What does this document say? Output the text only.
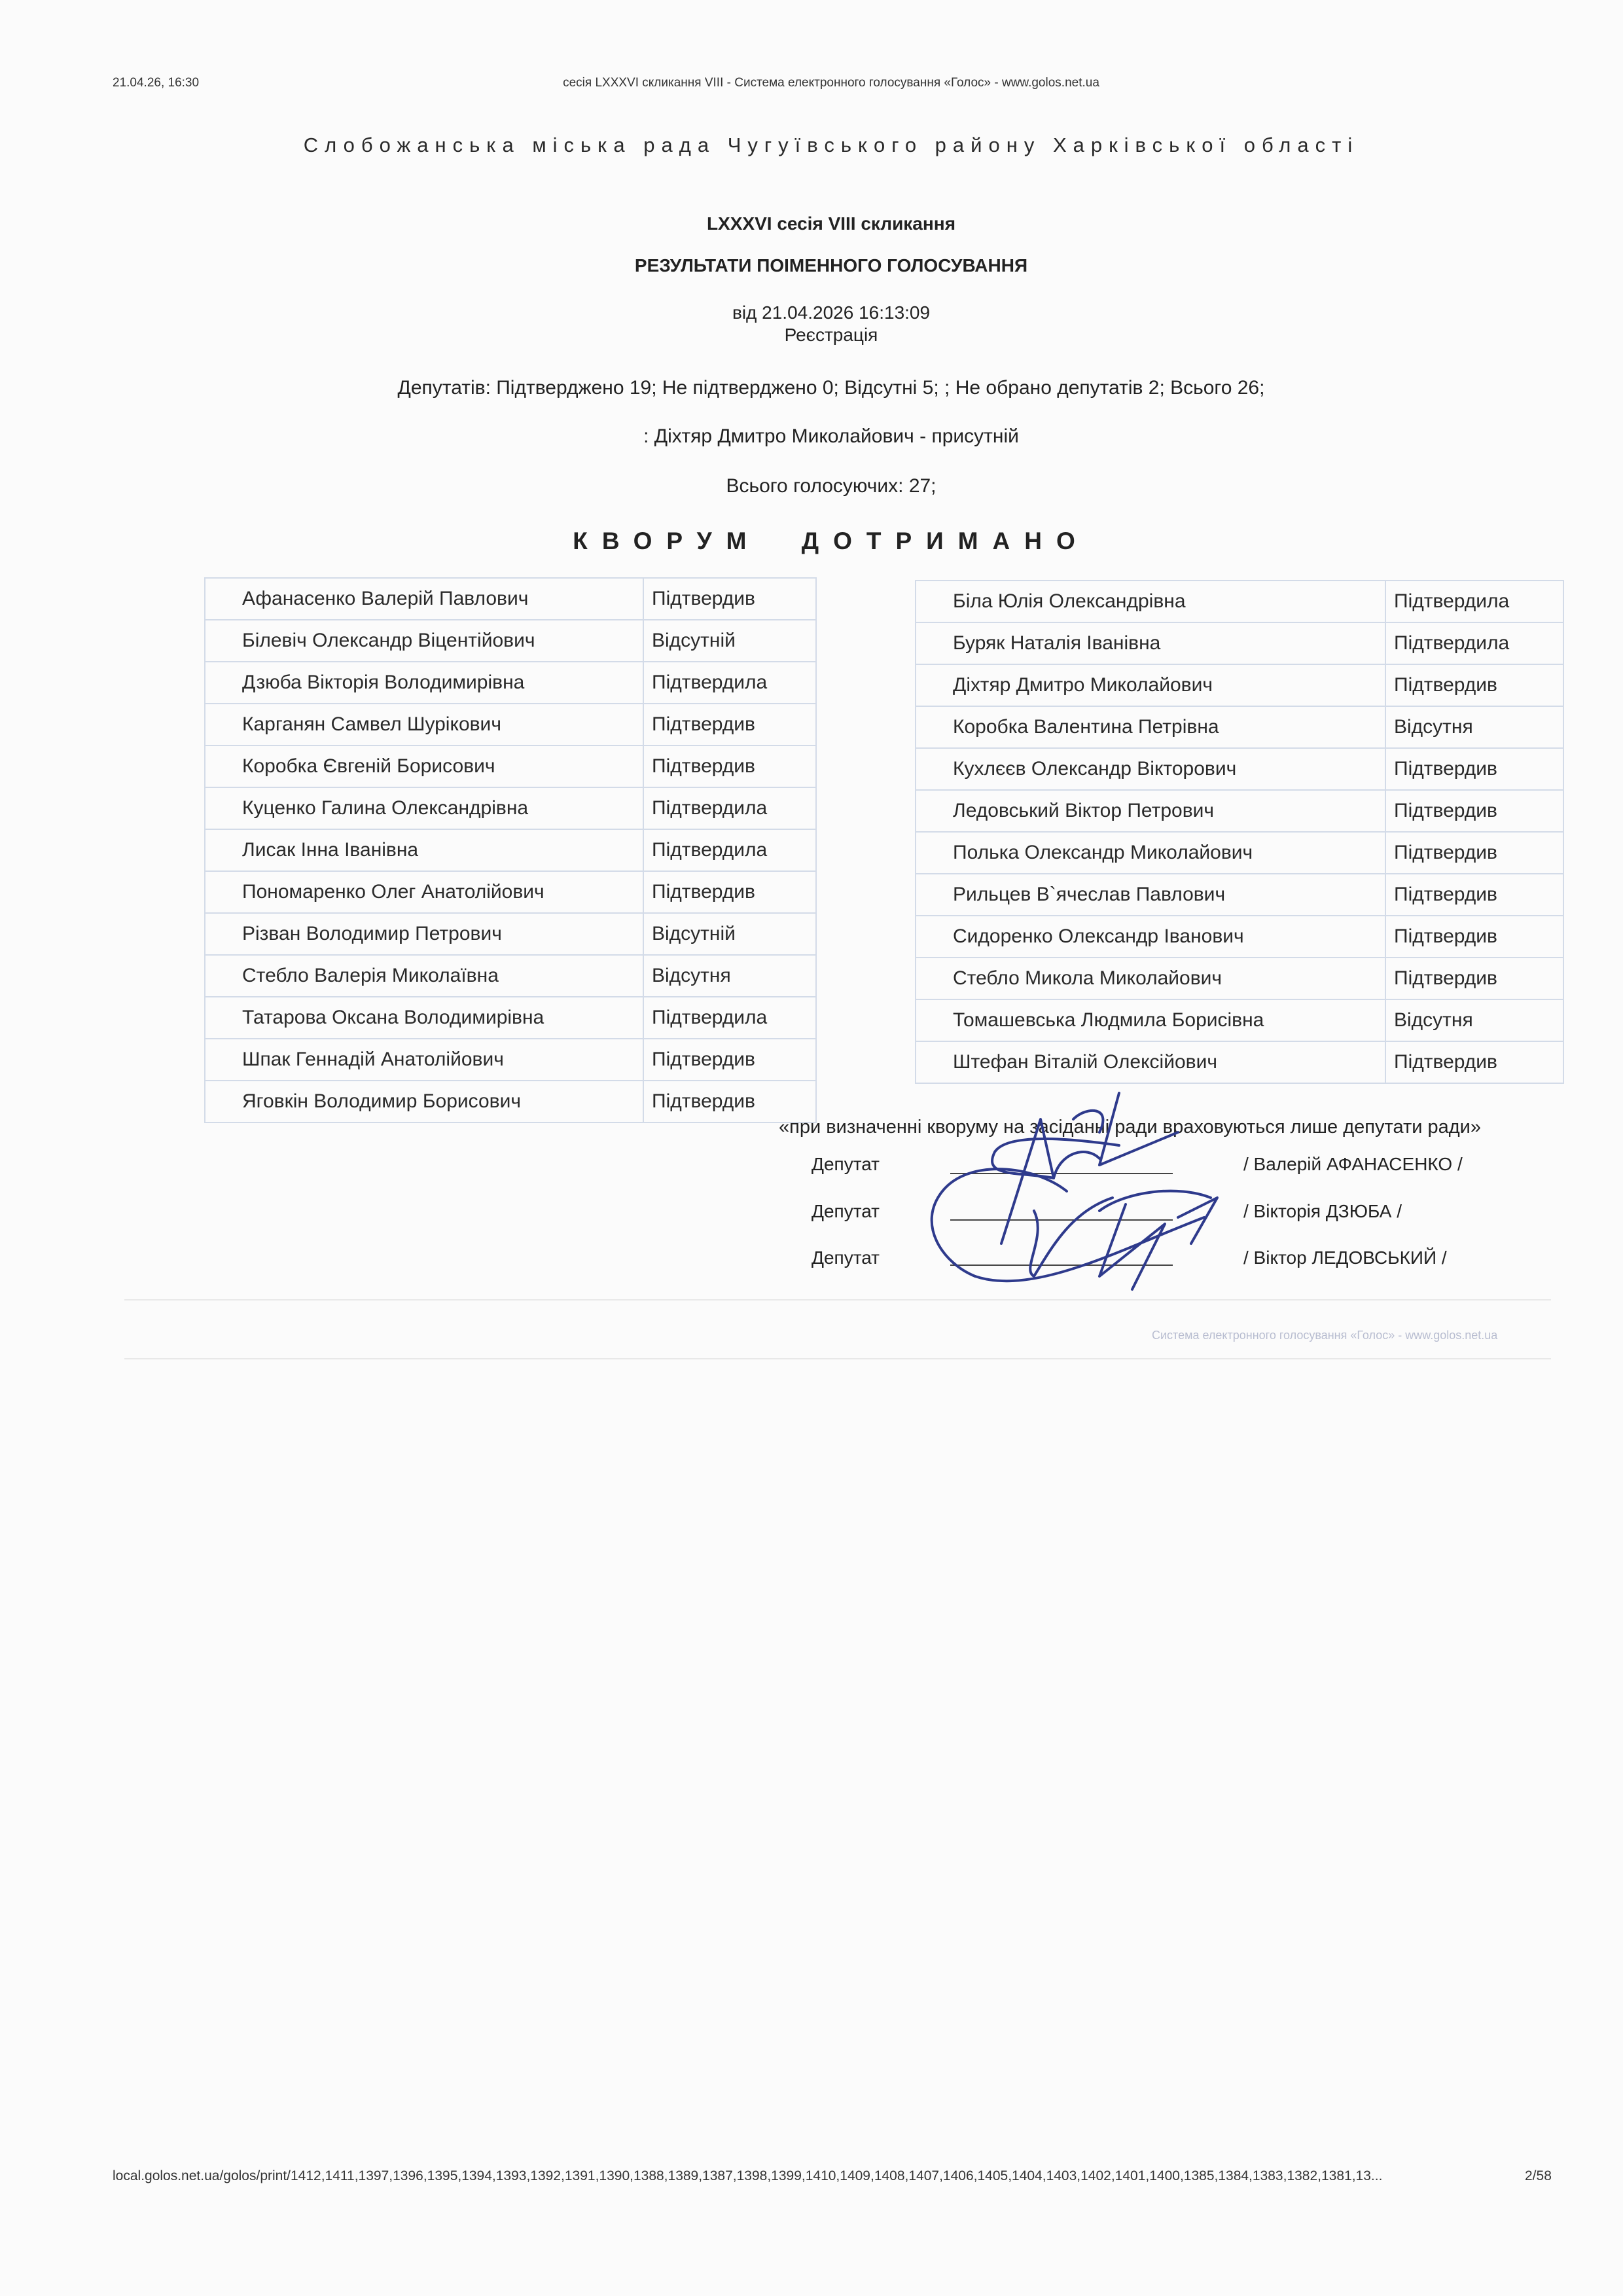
21.04.26, 16:30	сесія LXXXVI скликання VIII - Система електронного голосування «Голос» - www.golos.net.ua
Слобожанська міська рада Чугуївського району Харківської області
LXXXVI сесія VIII скликання
РЕЗУЛЬТАТИ ПОІМЕННОГО ГОЛОСУВАННЯ
від 21.04.2026 16:13:09
Реєстрація
Депутатів: Підтверджено 19; Не підтверджено 0; Відсутні 5; ; Не обрано депутатів 2; Всього 26;
: Діхтяр Дмитро Миколайович - присутній
Всього голосуючих: 27;
КВОРУМ ДОТРИМАНО
Афанасенко Валерій Павлович	Підтвердив
Білевіч Олександр Віцентійович	Відсутній
Дзюба Вікторія Володимирівна	Підтвердила
Карганян Самвел Шурікович	Підтвердив
Коробка Євгеній Борисович	Підтвердив
Куценко Галина Олександрівна	Підтвердила
Лисак Інна Іванівна	Підтвердила
Пономаренко Олег Анатолійович	Підтвердив
Різван Володимир Петрович	Відсутній
Стебло Валерія Миколаївна	Відсутня
Татарова Оксана Володимирівна	Підтвердила
Шпак Геннадій Анатолійович	Підтвердив
Яговкін Володимир Борисович	Підтвердив
Біла Юлія Олександрівна	Підтвердила
Буряк Наталія Іванівна	Підтвердила
Діхтяр Дмитро Миколайович	Підтвердив
Коробка Валентина Петрівна	Відсутня
Кухлєєв Олександр Вікторович	Підтвердив
Ледовський Віктор Петрович	Підтвердив
Полька Олександр Миколайович	Підтвердив
Рильцев В`ячеслав Павлович	Підтвердив
Сидоренко Олександр Іванович	Підтвердив
Стебло Микола Миколайович	Підтвердив
Томашевська Людмила Борисівна	Відсутня
Штефан Віталій Олексійович	Підтвердив
«при визначенні кворуму на засіданні ради враховуються лише депутати ради»
Депутат	/ Валерій АФАНАСЕНКО /
Депутат	/ Вікторія ДЗЮБА /
Депутат	/ Віктор ЛЕДОВСЬКИЙ /
Система електронного голосування «Голос» - www.golos.net.ua
local.golos.net.ua/golos/print/1412,1411,1397,1396,1395,1394,1393,1392,1391,1390,1388,1389,1387,1398,1399,1410,1409,1408,1407,1406,1405,1404,1403,1402,1401,1400,1385,1384,1383,1382,1381,13...	2/58
